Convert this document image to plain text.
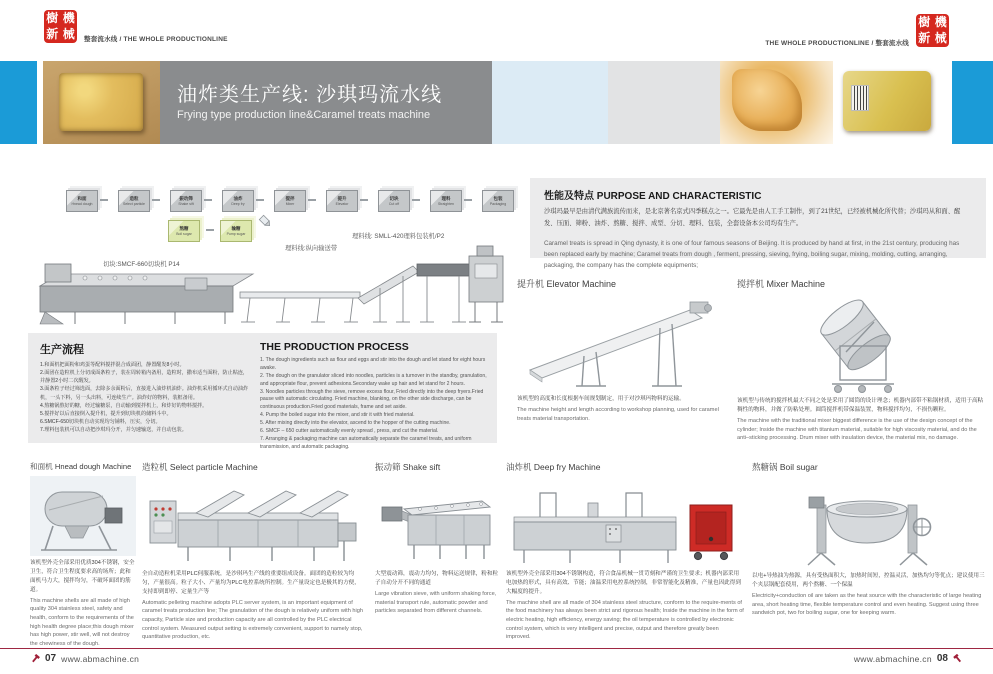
樹 機
新 械 整套流水线 / THE WHOLE PRODUCTIONLINE
THE WHOLE PRODUCTIONLINE / 整套流水线
樹 機
新 械
油炸类生产线: 沙琪玛流水线
Frying type production line&Caramel treats machine
和面
Hnead dough
造粒
Select particle
振动筛
Shake sift
油炸
Deep fry
搅拌
Mixer
提升
Elevator
切块
Cut off
理料
Straighten
包装
Packaging
熬糖
Boil sugar
输糖
Pump sugar
切块:SMCF-660切块机 P14
理料线:纵向输送带
理料线: SMLL-420理料包装机/P2
生产流程
1.和面机把面粉和鸡蛋等配料搅拌混合成面团，静置醒发8小时。
2.面团在造粒机上分切成面条粒子，装在周转箱内备用，造粒时，撒布适当面粉，防止粘连，并静置2小时二次醒发。
3.面条粒子经过筛选面，去除多余面粉后，直接进入油炸机油炸。油炸机采用循环式自动油炸机，一头下料，另一头出料，可连续生产。油炸好的物料，装框备用。
4.熬糖锅熬好的糖，经过输糖泵，自动输到搅拌机上，和炸好的物料搅拌。
5.搅拌好以后直接倒入提升机，提升到切块机的储料斗中。
6.SMCF-650切块机自动实现均匀铺料，压实，分切。
7.理料包装机可以自动把沙琪玛分开，并匀速输送，并自动包装。
THE PRODUCTION PROCESS
1. The dough ingredients such as flour and eggs and stir into the dough and let stand for eight hours awake.
2. The dough on the granulator sliced into noodles, particles is a turnover in the standby, granulation, and appropriate flour, prevent adhesions.Secondary wake up hair and let stand for 2 hours.
3. Noodles particles through the sieve, remove excess flour, Fried directly into the deep fryers.Fried pause with automatic circulating. Fried machine, blanking, on the other side discharge, can be continuous production.Fried good materials, frame and set aside.
4. Pump the boiled sugar into the mixer, and stir it with fried material.
5. After mixing directly into the elevator, ascend to the hopper of the cutting machine.
6. SMCF – 650 cutter automatically evenly spread , press, and cut the material.
7. Arranging & packaging machine can automatically separate the caramel treats, and uniform transmission, and automatic packaging.
性能及特点 PURPOSE AND CHARACTERISTIC
沙琪玛最早是由清代满族流传而来，是北京著名京式四季糕点之一。它最先是由人工手工制作，到了21世纪，已经被机械化所代替；沙琪玛从和面、醒发、压面、筛粉、油炸、熬糖、搅拌、成型、分切、理料、包装，全套设备本公司均有生产。
Caramel treats is spread in Qing dynasty, it is one of four famous seasons of Beijing. It is produced by hand at first, in the 21st century, producing has been replaced early by machine; Caramel treats from dough , ferment, pressing, sieving, frying, boiling sugar, mixing, molding, cutting, arranging, packaging, the company has the complete equipments;
提升机 Elevator Machine

该机型的高度和长度根据车间规划制定，用于对沙琪玛物料的运输。

The machine height and length according to workshop planning, used for caramel treats material transportation.

搅拌机 Mixer Machine

该机型与传统的搅拌机最大不同之处是采用了圆筒的设计理念；机器内部带不粘锅材质，适用于高粘稠性的物料，并做了防粘处理。圆筒搅拌机带保温装置，物料搅拌均匀，不损伤颗粒。

The machine with the traditional mixer biggest difference is the use of the design concept of the cylinder; Inside the machine with titanium material, suitable for high viscosity material, and do the anti–sticking processing. Drum mixer with insulation device, the material mix, no damage.

和面机 Hnead dough Machine

该机型外壳全部采用优质304不锈钢，安全卫生，符合卫生程度要求高的场所；此和面机马力大，搅拌均匀，不破坏面团的筋道。

This machine shells are all made of high quality 304 stainless steel, safety and health, conform to the requirements of the high health degree place;this dough mixer has high power, stir well, will not destroy the chewiness of the dough.

造粒机 Select particle Machine

全自动造粒机采用PLC伺服系统，是沙琪玛生产线的重要组成设备。面团的造粒较为均匀，产量很高。粒子大小、产量均为PLC电控系统所控制。生产量设定也是极其的方便，支持即到即停、定量生产等

Automatic pelleting machine adopts PLC server system, is an important equipment of caramel treats production line; The granulation of the dough is relatively uniform with high capacity, Particle size and production capacity are all controlled by the PLC electrical control system. Measured output setting is extremely convenient, support to namely stop, quantitative production, etc.

振动筛 Shake sift

大型震动筛，震动力均匀，物料运送规律，粉和粒子自动分开不同的通道

Large vibration sieve, with uniform shaking force, material transport rule, automatic powder and particles separated from different channels.

油炸机 Deep fry Machine

该机型外壳全部采用304不锈钢构造，符合食品机械一贯苛刻和严谨的卫生要求；机器内部采用电加热的形式，具有高效、节能；油温采用电控系统控制，非常智能化及精准，产量也因此得到大幅度的提升。

The machine shell are all made of 304 stainless steel structure, conform to the require-ments of the food machinery has always been strict and rigorous health; Inside the machine in the form of electric heating, high efficiency, energy saving; the oil temperature is controlled by electronic control system, which is very intelligent and precise, output and therefore greatly been improved.

熬糖锅 Boil sugar

以电+导热油为热源，具有受热面积大，加热时间短，控温灵活，加热均匀等优点；建议使用三个夹层锅配套使用，两个熬糖、一个保温

Electricity+conduction oil are taken as the heat source with the characteristic of large heating area, short heating time, flexible temperature control and even heating. Suggest using three sandwich pot, two for boiling sugar, one for keeping warm.

07 www.abmachine.cn	www.abmachine.cn 08
